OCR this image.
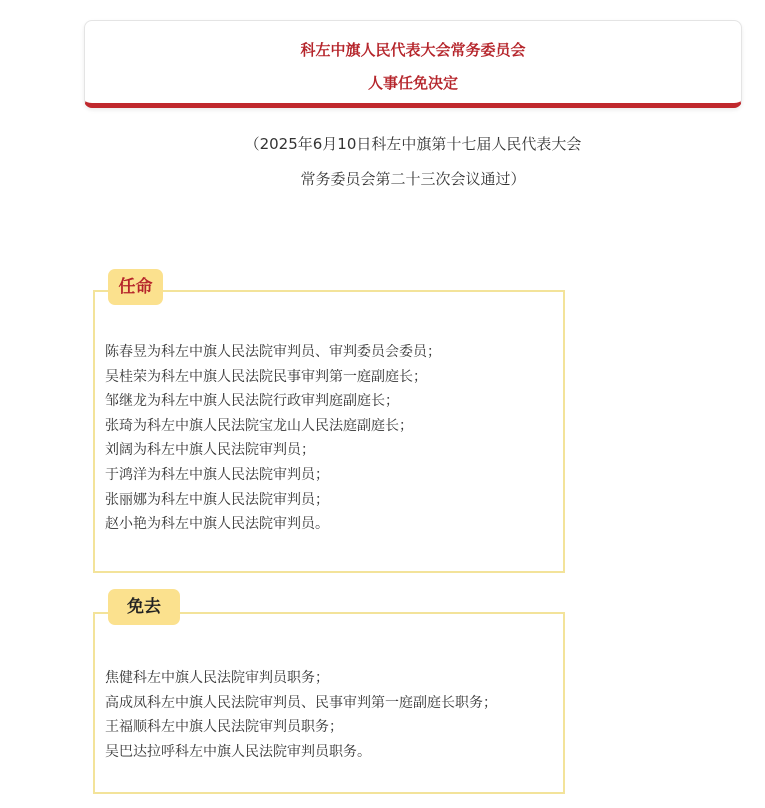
科左中旗人民代表大会常务委员会
人事任免决定
（2025年6月10日科左中旗第十七届人民代表大会
常务委员会第二十三次会议通过）
陈春昱为科左中旗人民法院审判员、审判委员会委员；
吴桂荣为科左中旗人民法院民事审判第一庭副庭长；
邹继龙为科左中旗人民法院行政审判庭副庭长；
张琦为科左中旗人民法院宝龙山人民法庭副庭长；
刘阔为科左中旗人民法院审判员；
于鸿洋为科左中旗人民法院审判员；
张丽娜为科左中旗人民法院审判员；
赵小艳为科左中旗人民法院审判员。
任命
焦健科左中旗人民法院审判员职务；
高成凤科左中旗人民法院审判员、民事审判第一庭副庭长职务；
王福顺科左中旗人民法院审判员职务；
吴巴达拉呼科左中旗人民法院审判员职务。
免去
